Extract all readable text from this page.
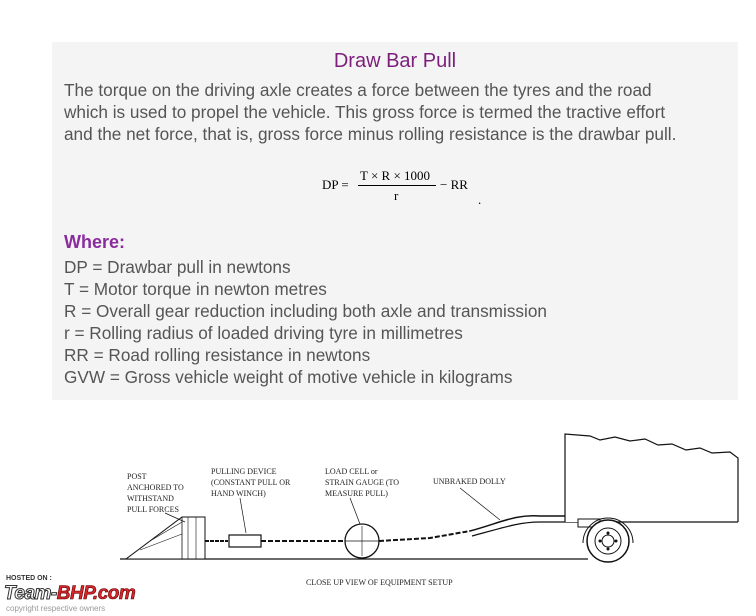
Draw Bar Pull
The torque on the driving axle creates a force between the tyres and the road
which is used to propel the vehicle. This gross force is termed the tractive effort
and the net force, that is, gross force minus rolling resistance is the drawbar pull.
DP =
T × R × 1000
r
− RR
.
Where:
DP = Drawbar pull in newtons
T = Motor torque in newton metres
R = Overall gear reduction including both axle and transmission
r = Rolling radius of loaded driving tyre in millimetres
RR = Road rolling resistance in newtons
GVW = Gross vehicle weight of motive vehicle in kilograms
POST
ANCHORED TO
WITHSTAND
PULL FORCES
PULLING DEVICE
(CONSTANT PULL OR
HAND WINCH)
LOAD CELL or
STRAIN GAUGE (TO
MEASURE PULL)
UNBRAKED DOLLY
CLOSE UP VIEW OF EQUIPMENT SETUP
HOSTED ON :
Team-BHP.com
copyright respective owners
